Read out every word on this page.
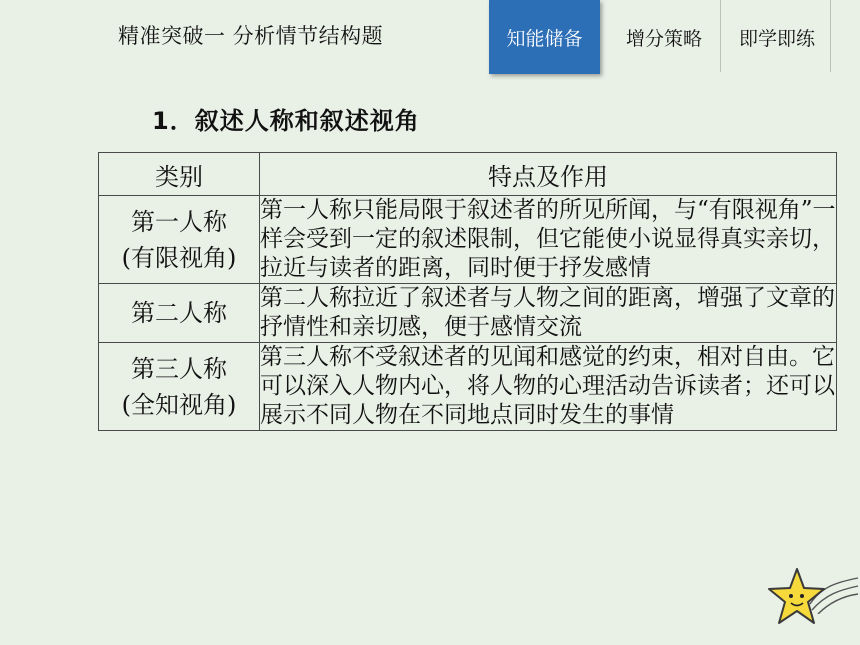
精准突破一 分析情节结构题	知能储备	增分策略	即学即练
1．叙述人称和叙述视角
类别	特点及作用

第一人称
(有限视角)	第一人称只能局限于叙述者的所见所闻，与“有限视角”一样会受到一定的叙述限制，但它能使小说显得真实亲切，拉近与读者的距离，同时便于抒发感情

第二人称	第二人称拉近了叙述者与人物之间的距离，增强了文章的抒情性和亲切感，便于感情交流

第三人称
(全知视角)	第三人称不受叙述者的见闻和感觉的约束，相对自由。它可以深入人物内心，将人物的心理活动告诉读者；还可以展示不同人物在不同地点同时发生的事情
